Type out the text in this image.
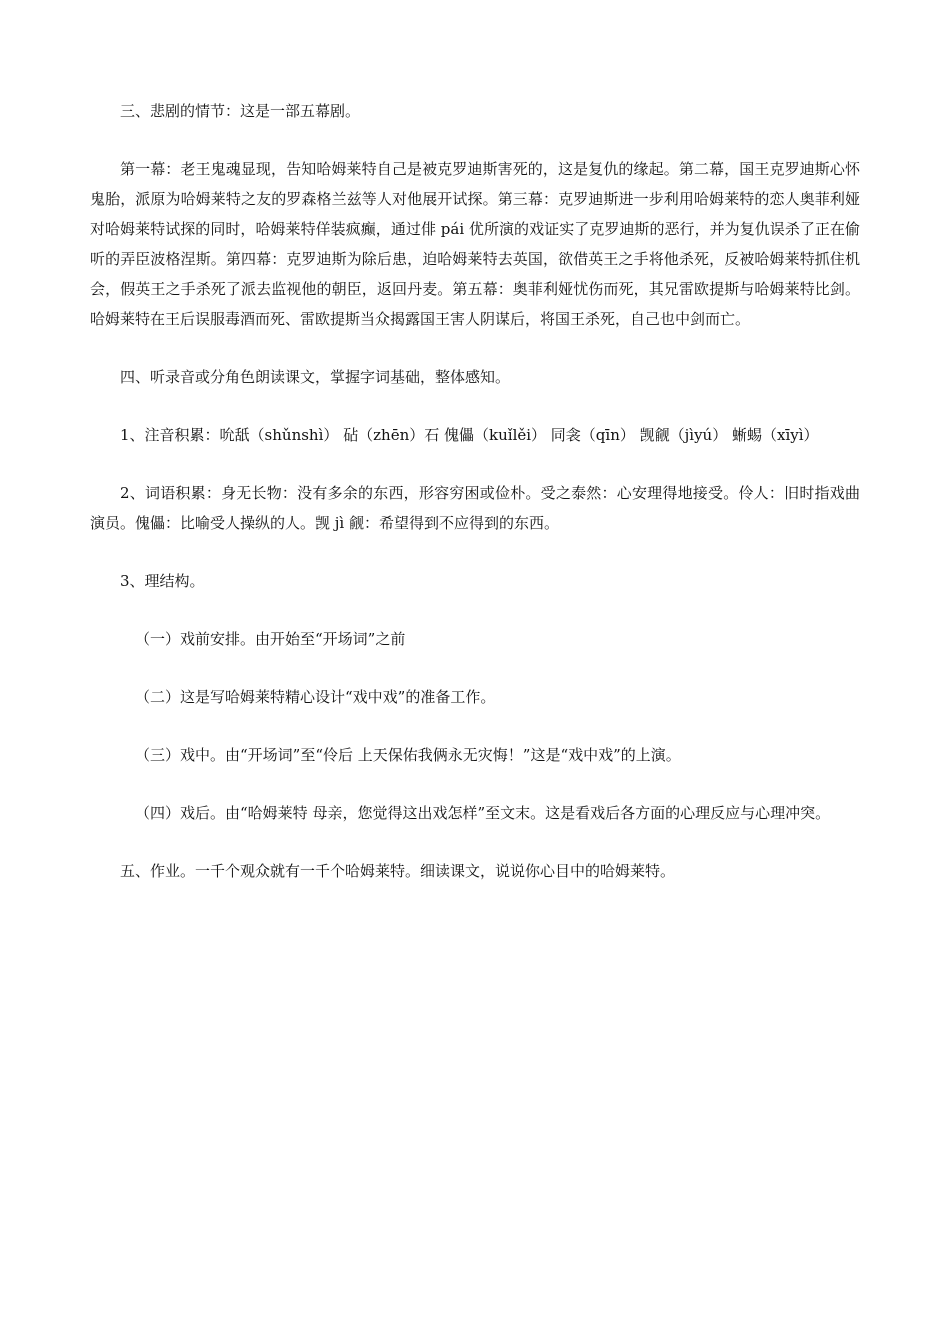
三、悲剧的情节：这是一部五幕剧。

第一幕：老王鬼魂显现，告知哈姆莱特自己是被克罗迪斯害死的，这是复仇的缘起。第二幕，国王克罗迪斯心怀鬼胎，派原为哈姆莱特之友的罗森格兰兹等人对他展开试探。第三幕：克罗迪斯进一步利用哈姆莱特的恋人奥菲利娅对哈姆莱特试探的同时，哈姆莱特佯装疯癫，通过俳 pái 优所演的戏证实了克罗迪斯的恶行，并为复仇误杀了正在偷听的弄臣波格涅斯。第四幕：克罗迪斯为除后患，迫哈姆莱特去英国，欲借英王之手将他杀死，反被哈姆莱特抓住机会，假英王之手杀死了派去监视他的朝臣，返回丹麦。第五幕：奥菲利娅忧伤而死，其兄雷欧提斯与哈姆莱特比剑。哈姆莱特在王后误服毒酒而死、雷欧提斯当众揭露国王害人阴谋后，将国王杀死，自己也中剑而亡。

四、听录音或分角色朗读课文，掌握字词基础，整体感知。

1、注音积累：吮舐（shǔnshì） 砧（zhēn）石 傀儡（kuǐlěi） 同衾（qīn） 觊觎（jìyú） 蜥蜴（xīyì）

2、词语积累：身无长物：没有多余的东西，形容穷困或俭朴。受之泰然：心安理得地接受。伶人：旧时指戏曲演员。傀儡：比喻受人操纵的人。觊 jì 觎：希望得到不应得到的东西。

3、理结构。

（一）戏前安排。由开始至“开场词”之前

（二）这是写哈姆莱特精心设计“戏中戏”的准备工作。

（三）戏中。由“开场词”至“伶后 上天保佑我俩永无灾悔！”这是“戏中戏”的上演。

（四）戏后。由“哈姆莱特 母亲，您觉得这出戏怎样”至文末。这是看戏后各方面的心理反应与心理冲突。

五、作业。一千个观众就有一千个哈姆莱特。细读课文，说说你心目中的哈姆莱特。
